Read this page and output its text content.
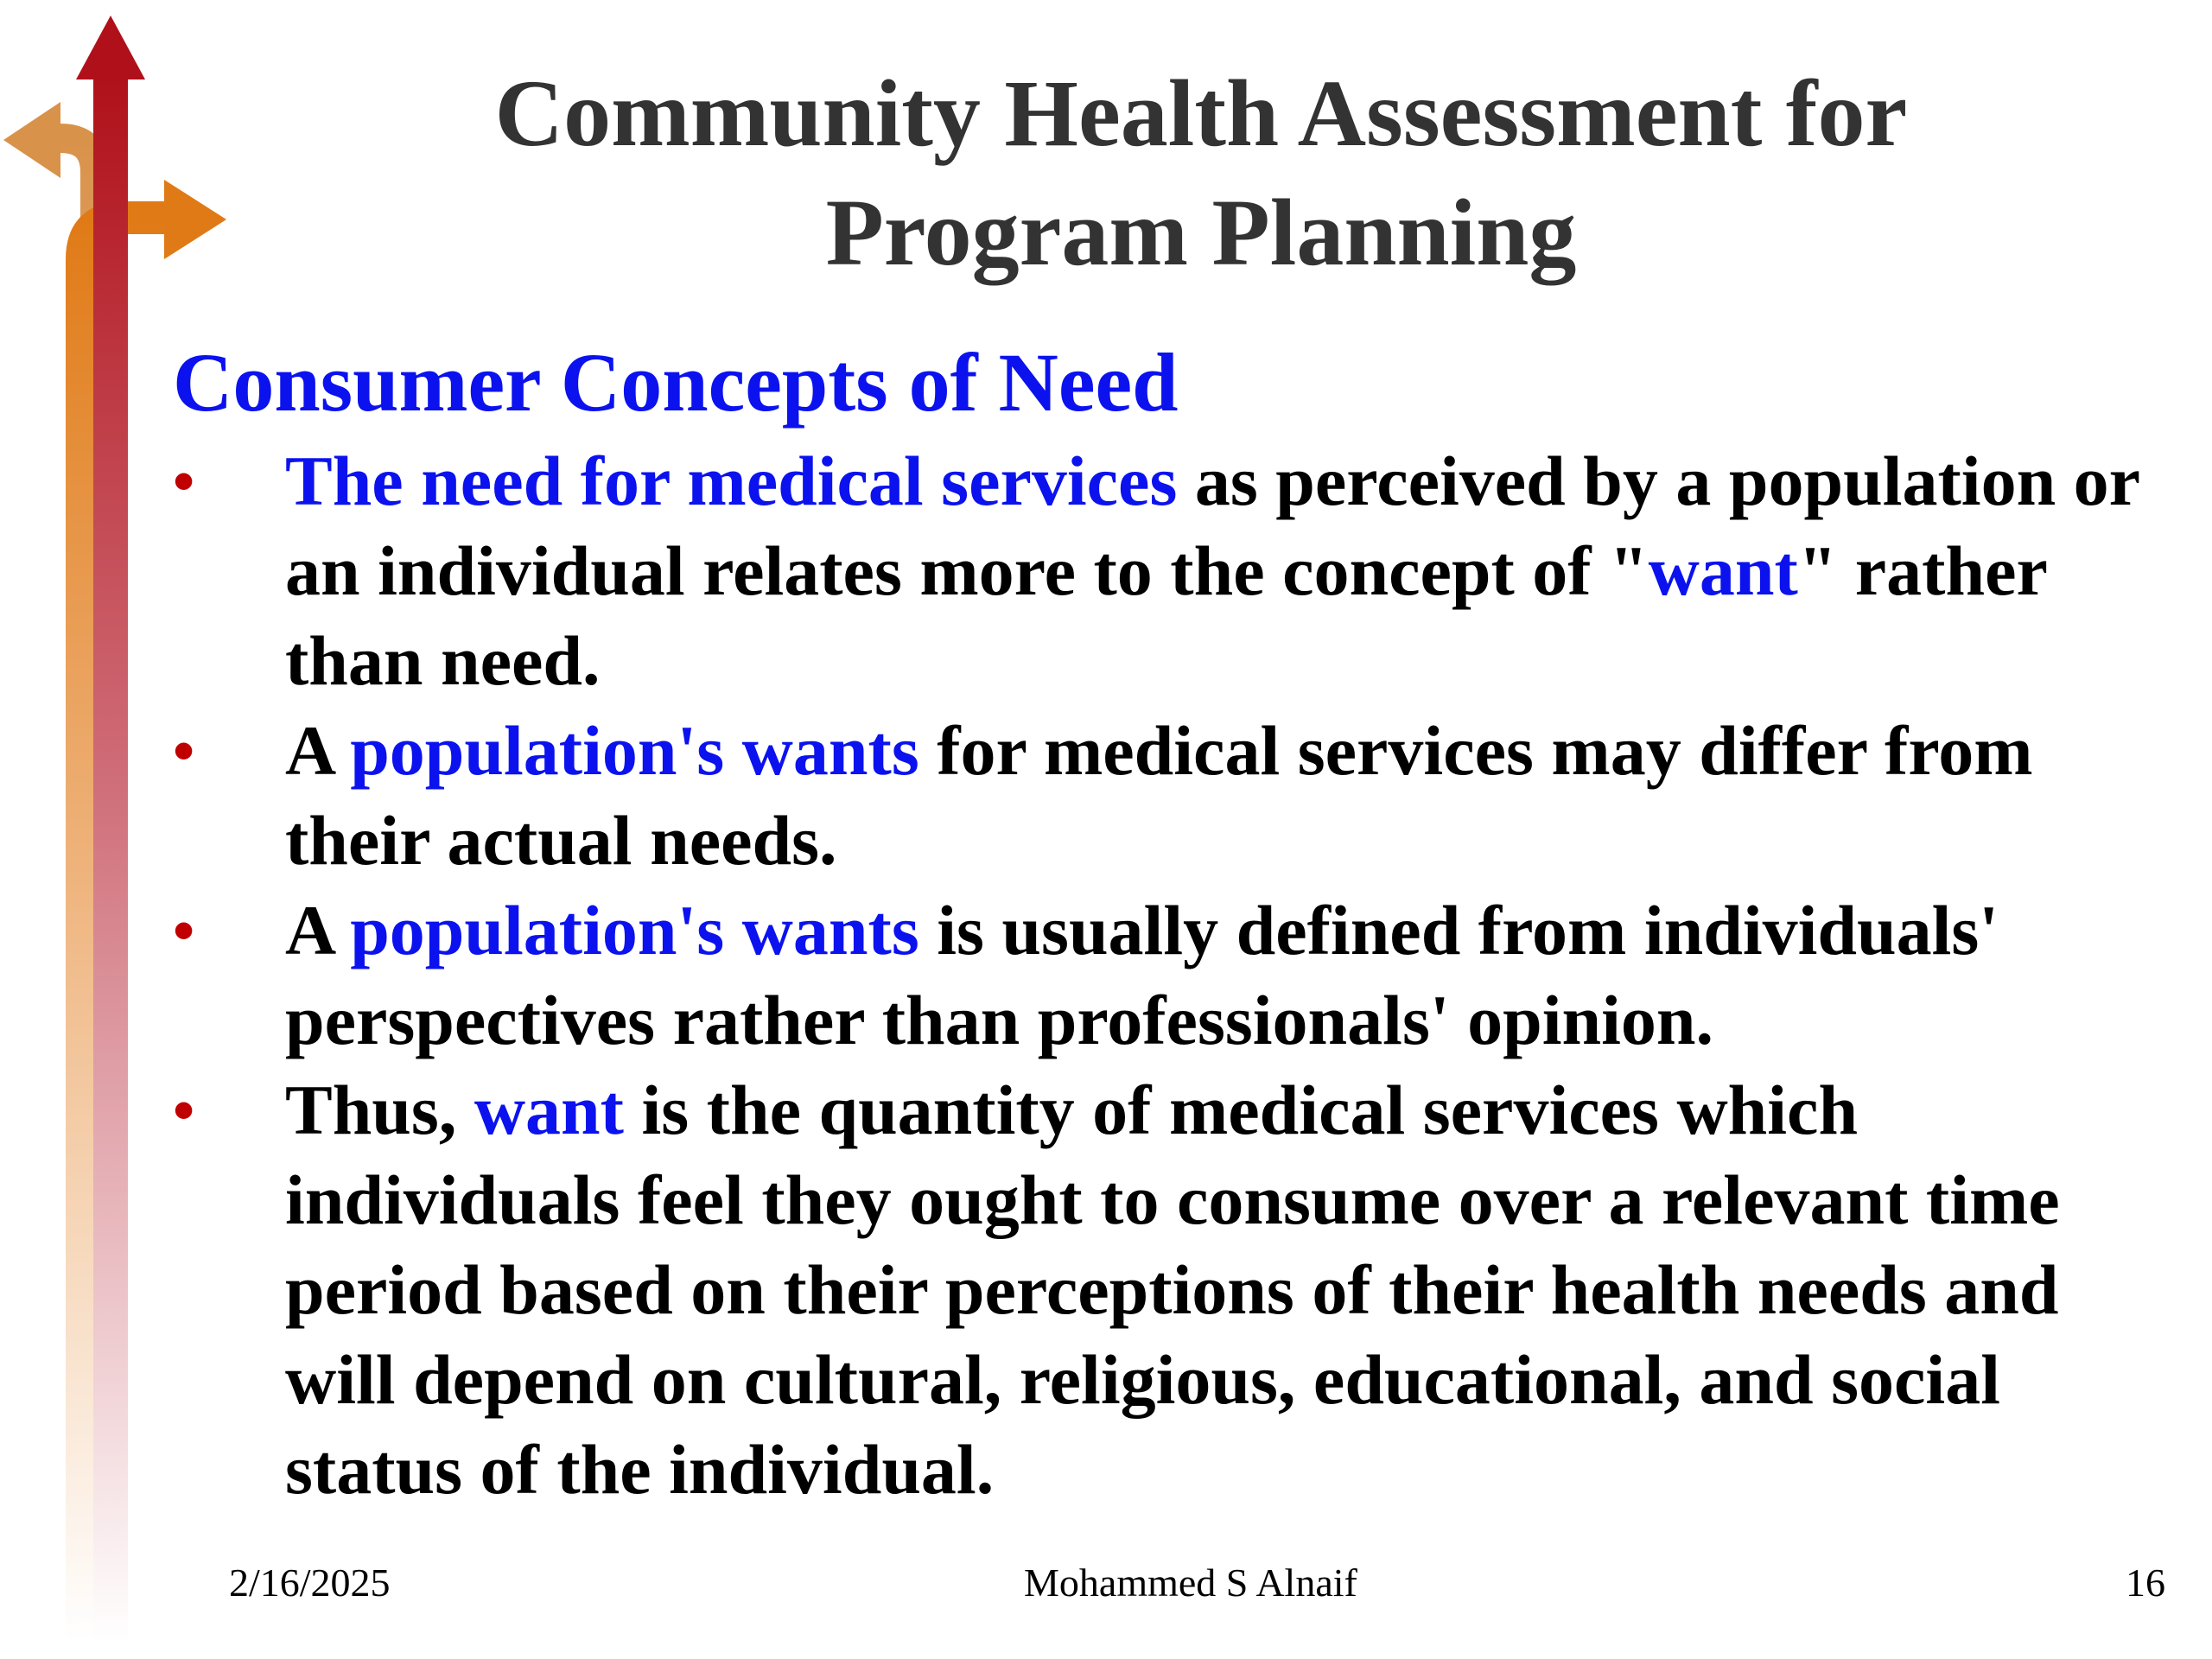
Community Health Assessment for
Program Planning
Consumer Concepts of Need
• The need for medical services as perceived by a population or an individual relates more to the concept of "want" rather than need.
• A population's wants for medical services may differ from their actual needs.
• A population's wants is usually defined from individuals' perspectives rather than professionals' opinion.
• Thus, want is the quantity of medical services which individuals feel they ought to consume over a relevant time period based on their perceptions of their health needs and will depend on cultural, religious, educational, and social status of the individual.
2/16/2025	Mohammed S Alnaif	16
